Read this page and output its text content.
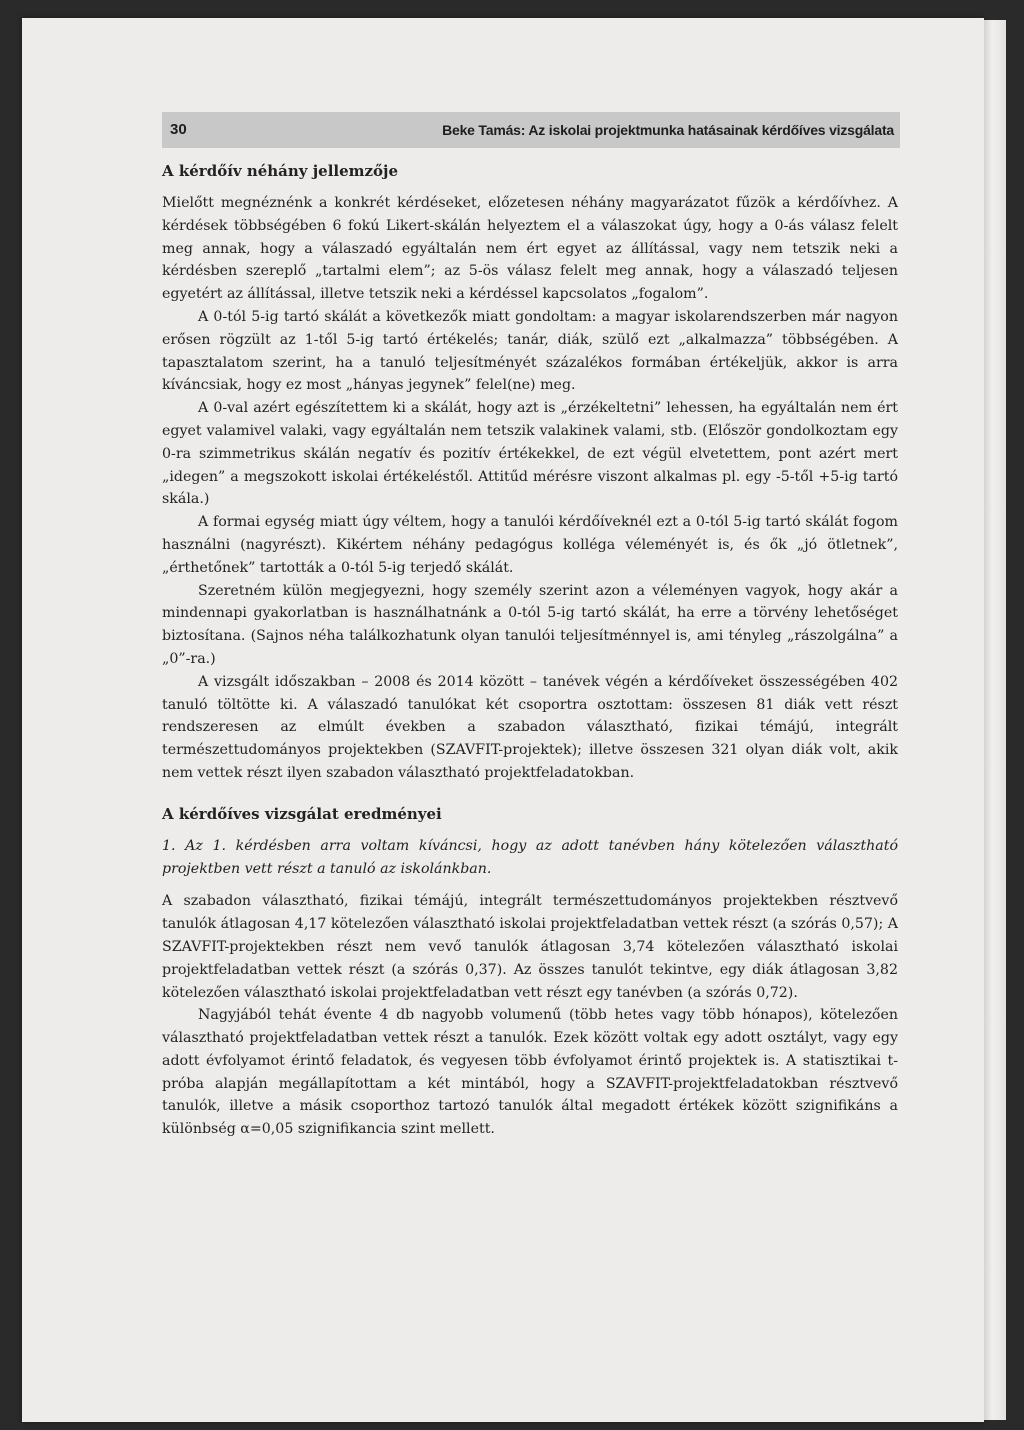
30	Beke Tamás: Az iskolai projektmunka hatásainak kérdőíves vizsgálata
A kérdőív néhány jellemzője

Mielőtt megnéznénk a konkrét kérdéseket, előzetesen néhány magyarázatot fűzök a kérdőívhez. A kérdések többségében 6 fokú Likert-skálán helyeztem el a válaszokat úgy, hogy a 0-ás válasz felelt meg annak, hogy a válaszadó egyáltalán nem ért egyet az állítással, vagy nem tetszik neki a kérdésben szereplő „tartalmi elem”; az 5-ös válasz felelt meg annak, hogy a válaszadó teljesen egyetért az állítással, illetve tetszik neki a kérdéssel kapcsolatos „fogalom”.

A 0-tól 5-ig tartó skálát a következők miatt gondoltam: a magyar iskolarendszerben már nagyon erősen rögzült az 1-től 5-ig tartó értékelés; tanár, diák, szülő ezt „alkalmazza” többségében. A tapasztalatom szerint, ha a tanuló teljesítményét százalékos formában értékeljük, akkor is arra kíváncsiak, hogy ez most „hányas jegynek” felel(ne) meg.

A 0-val azért egészítettem ki a skálát, hogy azt is „érzékeltetni” lehessen, ha egyáltalán nem ért egyet valamivel valaki, vagy egyáltalán nem tetszik valakinek valami, stb. (Először gondolkoztam egy 0-ra szimmetrikus skálán negatív és pozitív értékekkel, de ezt végül elvetettem, pont azért mert „idegen” a megszokott iskolai értékeléstől. Attitűd mérésre viszont alkalmas pl. egy -5-től +5-ig tartó skála.)

A formai egység miatt úgy véltem, hogy a tanulói kérdőíveknél ezt a 0-tól 5-ig tartó skálát fogom használni (nagyrészt). Kikértem néhány pedagógus kolléga véleményét is, és ők „jó ötletnek”, „érthetőnek” tartották a 0-tól 5-ig terjedő skálát.

Szeretném külön megjegyezni, hogy személy szerint azon a véleményen vagyok, hogy akár a mindennapi gyakorlatban is használhatnánk a 0-tól 5-ig tartó skálát, ha erre a törvény lehetőséget biztosítana. (Sajnos néha találkozhatunk olyan tanulói teljesítménnyel is, ami tényleg „rászolgálna” a „0”-ra.)

A vizsgált időszakban – 2008 és 2014 között – tanévek végén a kérdőíveket összességében 402 tanuló töltötte ki. A válaszadó tanulókat két csoportra osztottam: összesen 81 diák vett részt rendszeresen az elmúlt években a szabadon választható, fizikai témájú, integrált természettudományos projektekben (SZAVFIT-projektek); illetve összesen 321 olyan diák volt, akik nem vettek részt ilyen szabadon választható projektfeladatokban.

A kérdőíves vizsgálat eredményei

1. Az 1. kérdésben arra voltam kíváncsi, hogy az adott tanévben hány kötelezően választható projektben vett részt a tanuló az iskolánkban.

A szabadon választható, fizikai témájú, integrált természettudományos projektekben résztvevő tanulók átlagosan 4,17 kötelezően választható iskolai projektfeladatban vettek részt (a szórás 0,57); A SZAVFIT-projektekben részt nem vevő tanulók átlagosan 3,74 kötelezően választható iskolai projektfeladatban vettek részt (a szórás 0,37). Az összes tanulót tekintve, egy diák átlagosan 3,82 kötelezően választható iskolai projektfeladatban vett részt egy tanévben (a szórás 0,72).

Nagyjából tehát évente 4 db nagyobb volumenű (több hetes vagy több hónapos), kötelezően választható projektfeladatban vettek részt a tanulók. Ezek között voltak egy adott osztályt, vagy egy adott évfolyamot érintő feladatok, és vegyesen több évfolyamot érintő projektek is. A statisztikai t-próba alapján megállapítottam a két mintából, hogy a SZAVFIT-projektfeladatokban résztvevő tanulók, illetve a másik csoporthoz tartozó tanulók által megadott értékek között szignifikáns a különbség α=0,05 szignifikancia szint mellett.
